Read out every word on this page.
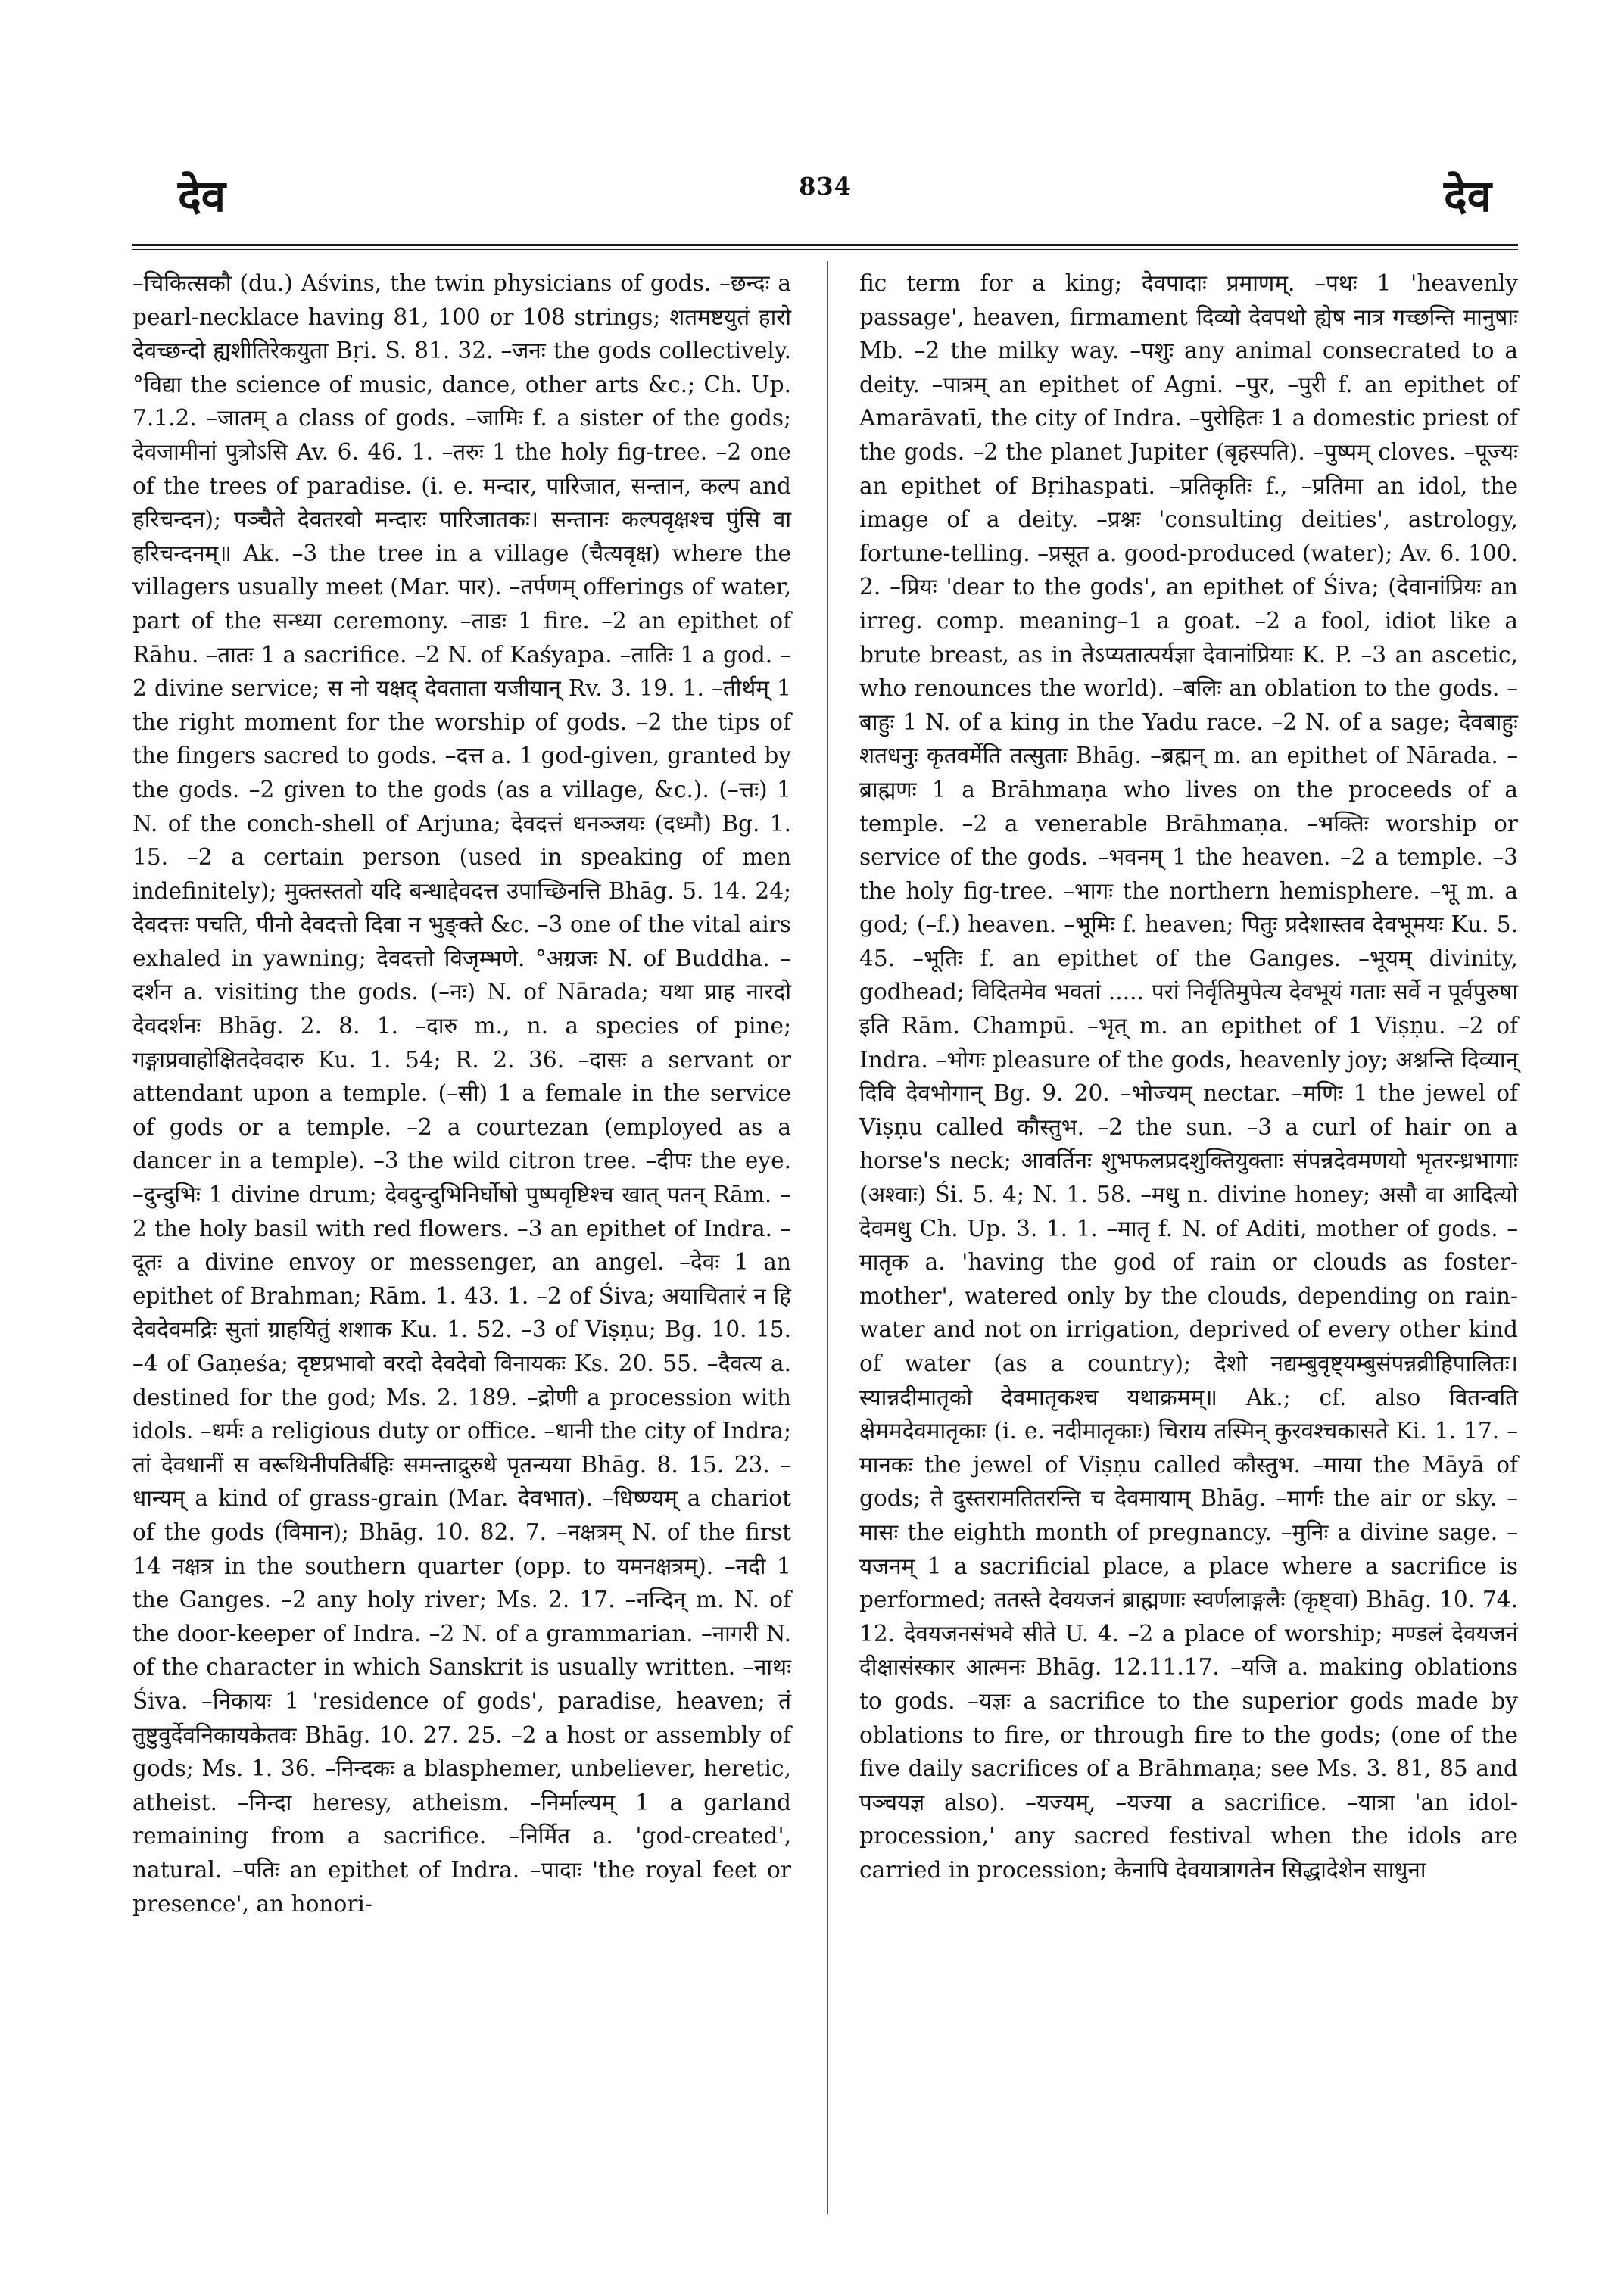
देव	834	देव

–चिकित्सकौ (du.) Aśvins, the twin physicians of gods. –छन्दः a pearl-necklace having 81, 100 or 108 strings; शतमष्टयुतं हारो देवच्छन्दो ह्यशीतिरेकयुता Bṛi. S. 81. 32. –जनः the gods collectively. °विद्या the science of music, dance, other arts &c.; Ch. Up. 7.1.2. –जातम् a class of gods. –जामिः f. a sister of the gods; देवजामीनां पुत्रोऽसि Av. 6. 46. 1. –तरुः 1 the holy fig-tree. –2 one of the trees of paradise. (i. e. मन्दार, पारिजात, सन्तान, कल्प and हरिचन्दन); पञ्चैते देवतरवो मन्दारः पारिजातकः। सन्तानः कल्पवृक्षश्च पुंसि वा हरिचन्दनम्॥ Ak. –3 the tree in a village (चैत्यवृक्ष) where the villagers usually meet (Mar. पार). –तर्पणम् offerings of water, part of the सन्ध्या ceremony. –ताडः 1 fire. –2 an epithet of Rāhu. –तातः 1 a sacrifice. –2 N. of Kaśyapa. –तातिः 1 a god. –2 divine service; स नो यक्षद् देवताता यजीयान् Rv. 3. 19. 1. –तीर्थम् 1 the right moment for the worship of gods. –2 the tips of the fingers sacred to gods. –दत्त a. 1 god-given, granted by the gods. –2 given to the gods (as a village, &c.). (–त्तः) 1 N. of the conch-shell of Arjuna; देवदत्तं धनञ्जयः (दध्मौ) Bg. 1. 15. –2 a certain person (used in speaking of men indefinitely); मुक्तस्ततो यदि बन्धाद्देवदत्त उपाच्छिनत्ति Bhāg. 5. 14. 24; देवदत्तः पचति, पीनो देवदत्तो दिवा न भुङ्क्ते &c. –3 one of the vital airs exhaled in yawning; देवदत्तो विजृम्भणे. °अग्रजः N. of Buddha. –दर्शन a. visiting the gods. (–नः) N. of Nārada; यथा प्राह नारदो देवदर्शनः Bhāg. 2. 8. 1. –दारु m., n. a species of pine; गङ्गाप्रवाहोक्षितदेवदारु Ku. 1. 54; R. 2. 36. –दासः a servant or attendant upon a temple. (–सी) 1 a female in the service of gods or a temple. –2 a courtezan (employed as a dancer in a temple). –3 the wild citron tree. –दीपः the eye. –दुन्दुभिः 1 divine drum; देवदुन्दुभिनिर्घोषो पुष्पवृष्टिश्च खात् पतन् Rām. –2 the holy basil with red flowers. –3 an epithet of Indra. –दूतः a divine envoy or messenger, an angel. –देवः 1 an epithet of Brahman; Rām. 1. 43. 1. –2 of Śiva; अयाचितारं न हि देवदेवमद्रिः सुतां ग्राहयितुं शशाक Ku. 1. 52. –3 of Viṣṇu; Bg. 10. 15. –4 of Gaṇeśa; दृष्टप्रभावो वरदो देवदेवो विनायकः Ks. 20. 55. –दैवत्य a. destined for the god; Ms. 2. 189. –द्रोणी a procession with idols. –धर्मः a religious duty or office. –धानी the city of Indra; तां देवधानीं स वरूथिनीपतिर्बहिः समन्ताद्रुरुधे पृतन्यया Bhāg. 8. 15. 23. –धान्यम् a kind of grass-grain (Mar. देवभात). –धिष्ण्यम् a chariot of the gods (विमान); Bhāg. 10. 82. 7. –नक्षत्रम् N. of the first 14 नक्षत्र in the southern quarter (opp. to यमनक्षत्रम्). –नदी 1 the Ganges. –2 any holy river; Ms. 2. 17. –नन्दिन् m. N. of the door-keeper of Indra. –2 N. of a grammarian. –नागरी N. of the character in which Sanskrit is usually written. –नाथः Śiva. –निकायः 1 'residence of gods', paradise, heaven; तं तुष्टुवुर्देवनिकायकेतवः Bhāg. 10. 27. 25. –2 a host or assembly of gods; Ms. 1. 36. –निन्दकः a blasphemer, unbeliever, heretic, atheist. –निन्दा heresy, atheism. –निर्माल्यम् 1 a garland remaining from a sacrifice. –निर्मित a. 'god-created', natural. –पतिः an epithet of Indra. –पादाः 'the royal feet or presence', an honori-

fic term for a king; देवपादाः प्रमाणम्. –पथः 1 'heavenly passage', heaven, firmament दिव्यो देवपथो ह्येष नात्र गच्छन्ति मानुषाः Mb. –2 the milky way. –पशुः any animal consecrated to a deity. –पात्रम् an epithet of Agni. –पुर, –पुरी f. an epithet of Amarāvatī, the city of Indra. –पुरोहितः 1 a domestic priest of the gods. –2 the planet Jupiter (बृहस्पति). –पुष्पम् cloves. –पूज्यः an epithet of Bṛihaspati. –प्रतिकृतिः f., –प्रतिमा an idol, the image of a deity. –प्रश्नः 'consulting deities', astrology, fortune-telling. –प्रसूत a. good-produced (water); Av. 6. 100. 2. –प्रियः 'dear to the gods', an epithet of Śiva; (देवानांप्रियः an irreg. comp. meaning–1 a goat. –2 a fool, idiot like a brute breast, as in तेऽप्यतात्पर्यज्ञा देवानांप्रियाः K. P. –3 an ascetic, who renounces the world). –बलिः an oblation to the gods. –बाहुः 1 N. of a king in the Yadu race. –2 N. of a sage; देवबाहुः शतधनुः कृतवर्मेति तत्सुताः Bhāg. –ब्रह्मन् m. an epithet of Nārada. –ब्राह्मणः 1 a Brāhmaṇa who lives on the proceeds of a temple. –2 a venerable Brāhmaṇa. –भक्तिः worship or service of the gods. –भवनम् 1 the heaven. –2 a temple. –3 the holy fig-tree. –भागः the northern hemisphere. –भू m. a god; (–f.) heaven. –भूमिः f. heaven; पितुः प्रदेशास्तव देवभूमयः Ku. 5. 45. –भूतिः f. an epithet of the Ganges. –भूयम् divinity, godhead; विदितमेव भवतां ..... परां निर्वृतिमुपेत्य देवभूयं गताः सर्वे न पूर्वपुरुषा इति Rām. Champū. –भृत् m. an epithet of 1 Viṣṇu. –2 of Indra. –भोगः pleasure of the gods, heavenly joy; अश्नन्ति दिव्यान् दिवि देवभोगान् Bg. 9. 20. –भोज्यम् nectar. –मणिः 1 the jewel of Viṣṇu called कौस्तुभ. –2 the sun. –3 a curl of hair on a horse's neck; आवर्तिनः शुभफलप्रदशुक्तियुक्ताः संपन्नदेवमणयो भृतरन्ध्रभागाः (अश्वाः) Śi. 5. 4; N. 1. 58. –मधु n. divine honey; असौ वा आदित्यो देवमधु Ch. Up. 3. 1. 1. –मातृ f. N. of Aditi, mother of gods. –मातृक a. 'having the god of rain or clouds as foster-mother', watered only by the clouds, depending on rain-water and not on irrigation, deprived of every other kind of water (as a country); देशो नद्यम्बुवृष्ट्यम्बुसंपन्नव्रीहिपालितः। स्यान्नदीमातृको देवमातृकश्च यथाक्रमम्॥ Ak.; cf. also वितन्वति क्षेममदेवमातृकाः (i. e. नदीमातृकाः) चिराय तस्मिन् कुरवश्चकासते Ki. 1. 17. –मानकः the jewel of Viṣṇu called कौस्तुभ. –माया the Māyā of gods; ते दुस्तरामतितरन्ति च देवमायाम् Bhāg. –मार्गः the air or sky. –मासः the eighth month of pregnancy. –मुनिः a divine sage. –यजनम् 1 a sacrificial place, a place where a sacrifice is performed; ततस्ते देवयजनं ब्राह्मणाः स्वर्णलाङ्गलैः (कृष्ट्वा) Bhāg. 10. 74. 12. देवयजनसंभवे सीते U. 4. –2 a place of worship; मण्डलं देवयजनं दीक्षासंस्कार आत्मनः Bhāg. 12.11.17. –यजि a. making oblations to gods. –यज्ञः a sacrifice to the superior gods made by oblations to fire, or through fire to the gods; (one of the five daily sacrifices of a Brāhmaṇa; see Ms. 3. 81, 85 and पञ्चयज्ञ also). –यज्यम्, –यज्या a sacrifice. –यात्रा 'an idol-procession,' any sacred festival when the idols are carried in procession; केनापि देवयात्रागतेन सिद्धादेशेन साधुना
